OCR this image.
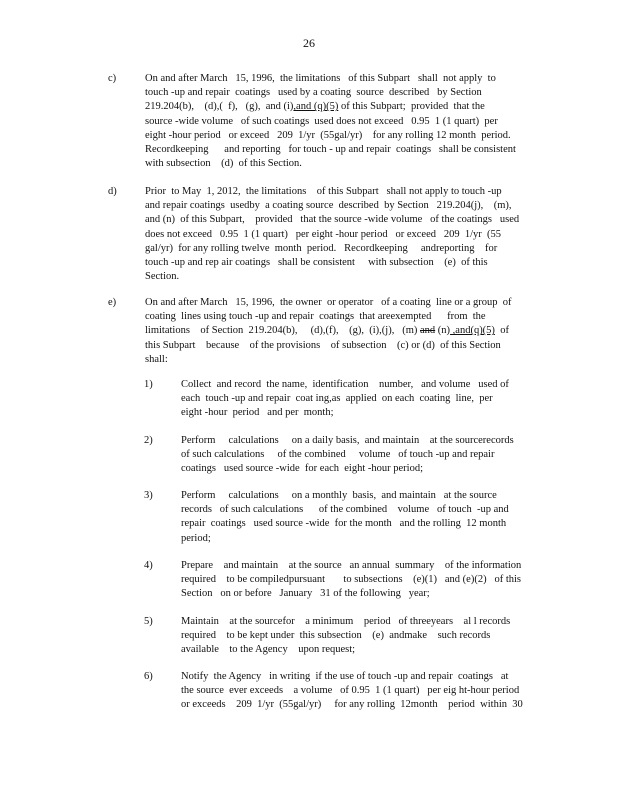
26
c)	On and after March   15, 1996,  the limitations   of this Subpart   shall  not apply  to
touch -up and repair  coatings   used by a coating  source  described   by Section
219.204(b),    (d),(  f),   (g),  and (i),and (q)(5) of this Subpart;  provided  that the
source -wide volume   of such coatings  used does not exceed   0.95  1 (1 quart)  per
eight -hour period   or exceed   209  1/yr  (55gal/yr)    for any rolling 12 month  period.
Recordkeeping      and reporting   for touch - up and repair  coatings   shall be consistent
with subsection    (d)  of this Section.
d)	Prior  to May  1, 2012,  the limitations    of this Subpart   shall not apply to touch -up
and repair coatings  usedby  a coating source  described  by Section   219.204(j),    (m),
and (n)  of this Subpart,    provided   that the source -wide volume   of the coatings   used
does not exceed   0.95  1 (1 quart)   per eight -hour period   or exceed   209  1/yr  (55
gal/yr)  for any rolling twelve  month  period.   Recordkeeping     andreporting    for
touch -up and rep air coatings   shall be consistent     with subsection    (e)  of this
Section.
e)	On and after March   15, 1996,  the owner  or operator   of a coating  line or a group  of
coating  lines using touch -up and repair  coatings  that areexempted      from  the
limitations    of Section  219.204(b),     (d),(f),    (g),  (i),(j),   (m) and (n) ,and(q)(5)  of
this Subpart    because    of the provisions    of subsection    (c) or (d)  of this Section
shall:
1)	Collect  and record  the name,  identification    number,   and volume   used of
each  touch -up and repair  coat ing,as  applied  on each  coating  line,  per
eight -hour  period   and per  month;
2)	Perform     calculations     on a daily basis,  and maintain    at the sourcerecords
of such calculations     of the combined     volume   of touch -up and repair
coatings   used source -wide  for each  eight -hour period;
3)	Perform     calculations     on a monthly  basis,  and maintain   at the source
records   of such calculations      of the combined    volume   of touch  -up and
repair  coatings   used source -wide  for the month   and the rolling  12 month
period;
4)	Prepare    and maintain    at the source   an annual  summary    of the information
required    to be compiledpursuant       to subsections    (e)(1)   and (e)(2)   of this
Section   on or before   January   31 of the following   year;
5)	Maintain    at the sourcefor    a minimum    period   of threeyears    al l records
required    to be kept under  this subsection    (e)  andmake    such records
available    to the Agency    upon request;
6)	Notify  the Agency   in writing  if the use of touch -up and repair  coatings   at
the source  ever exceeds    a volume   of 0.95  1 (1 quart)   per eig ht-hour period
or exceeds    209  1/yr  (55gal/yr)     for any rolling  12month    period  within  30
